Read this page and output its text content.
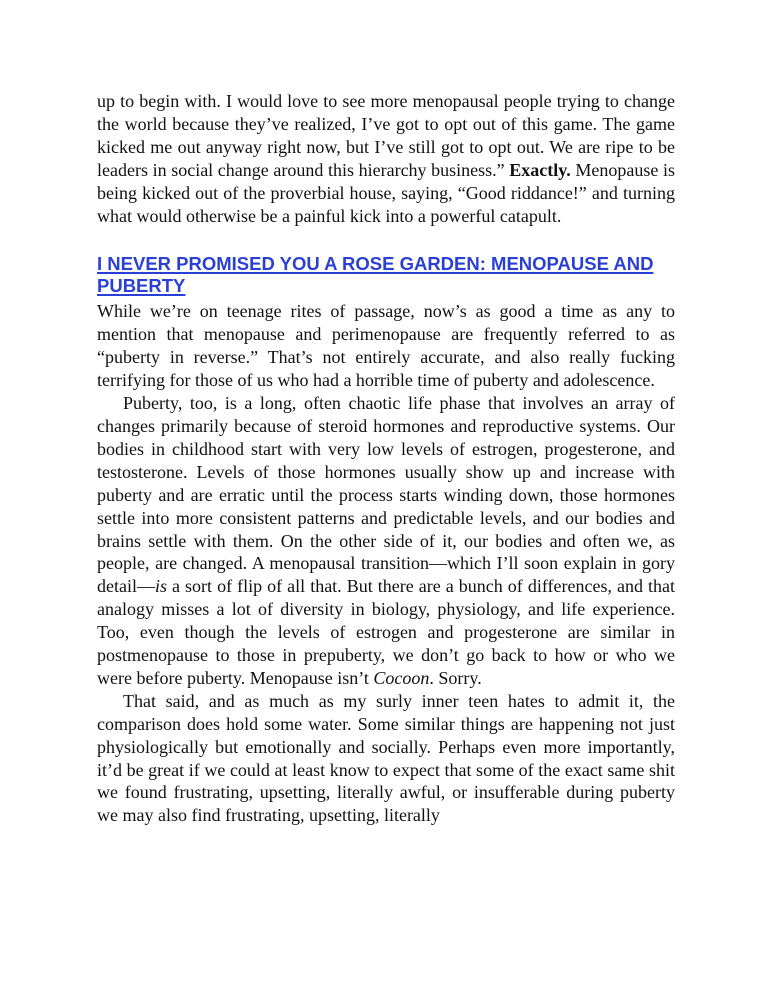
up to begin with. I would love to see more menopausal people trying to change the world because they’ve realized, I’ve got to opt out of this game. The game kicked me out anyway right now, but I’ve still got to opt out. We are ripe to be leaders in social change around this hierarchy business.” Exactly. Menopause is being kicked out of the proverbial house, saying, “Good riddance!” and turning what would otherwise be a painful kick into a powerful catapult.

I NEVER PROMISED YOU A ROSE GARDEN: MENOPAUSE AND PUBERTY

While we’re on teenage rites of passage, now’s as good a time as any to mention that menopause and perimenopause are frequently referred to as “puberty in reverse.” That’s not entirely accurate, and also really fucking terrifying for those of us who had a horrible time of puberty and adolescence.

Puberty, too, is a long, often chaotic life phase that involves an array of changes primarily because of steroid hormones and reproductive systems. Our bodies in childhood start with very low levels of estrogen, progesterone, and testosterone. Levels of those hormones usually show up and increase with puberty and are erratic until the process starts winding down, those hormones settle into more consistent patterns and predictable levels, and our bodies and brains settle with them. On the other side of it, our bodies and often we, as people, are changed. A menopausal transition—which I’ll soon explain in gory detail—is a sort of flip of all that. But there are a bunch of differences, and that analogy misses a lot of diversity in biology, physiology, and life experience. Too, even though the levels of estrogen and progesterone are similar in postmenopause to those in prepuberty, we don’t go back to how or who we were before puberty. Menopause isn’t Cocoon. Sorry.

That said, and as much as my surly inner teen hates to admit it, the comparison does hold some water. Some similar things are happening not just physiologically but emotionally and socially. Perhaps even more importantly, it’d be great if we could at least know to expect that some of the exact same shit we found frustrating, upsetting, literally awful, or insufferable during puberty we may also find frustrating, upsetting, literally
